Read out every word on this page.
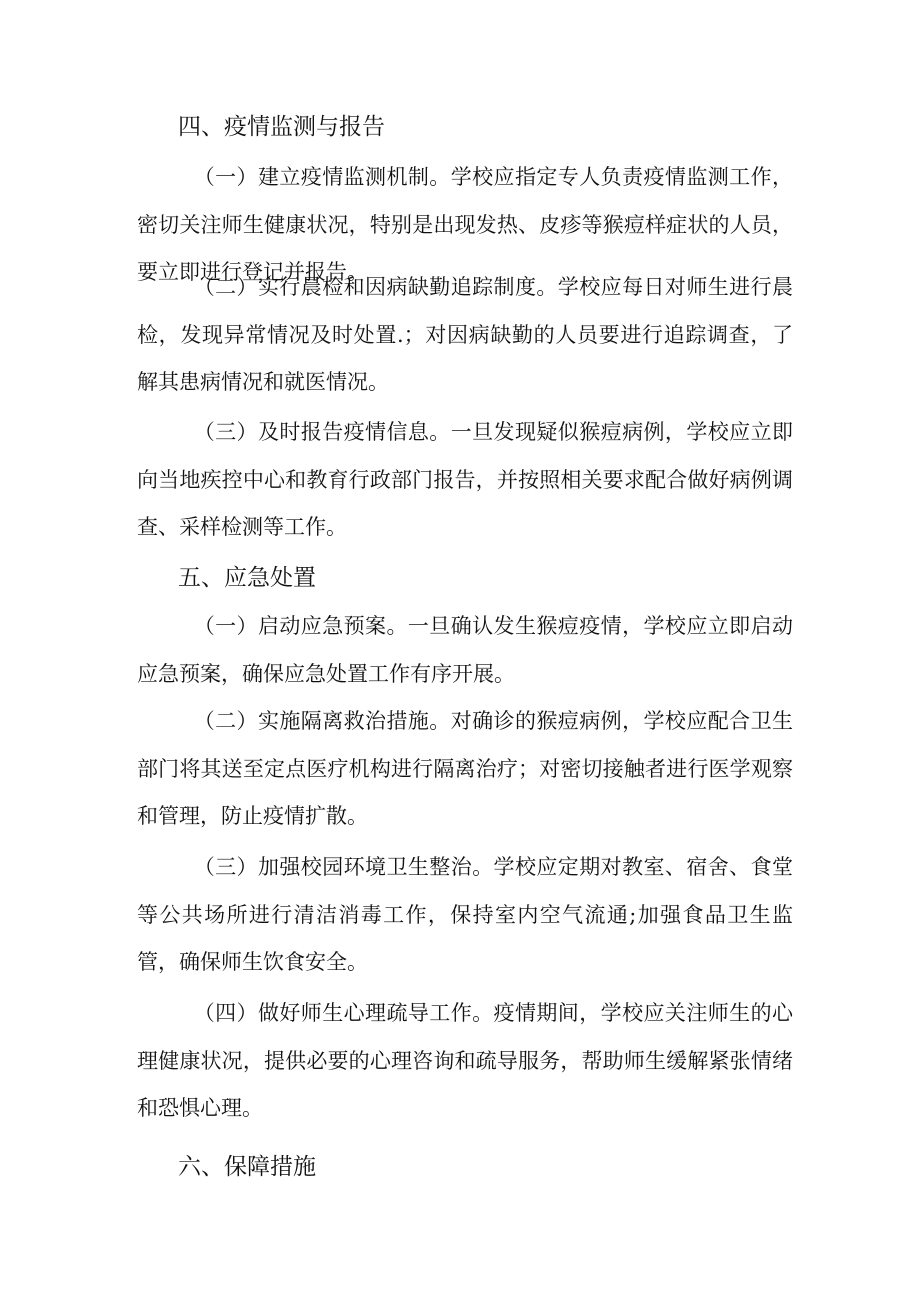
四、疫情监测与报告
（一）建立疫情监测机制。学校应指定专人负责疫情监测工作，密切关注师生健康状况，特别是出现发热、皮疹等猴痘样症状的人员，要立即进行登记并报告。
（二）实行晨检和因病缺勤追踪制度。学校应每日对师生进行晨检，发现异常情况及时处置.；对因病缺勤的人员要进行追踪调查，了解其患病情况和就医情况。
（三）及时报告疫情信息。一旦发现疑似猴痘病例，学校应立即向当地疾控中心和教育行政部门报告，并按照相关要求配合做好病例调查、采样检测等工作。
五、应急处置
（一）启动应急预案。一旦确认发生猴痘疫情，学校应立即启动应急预案，确保应急处置工作有序开展。
（二）实施隔离救治措施。对确诊的猴痘病例，学校应配合卫生部门将其送至定点医疗机构进行隔离治疗；对密切接触者进行医学观察和管理，防止疫情扩散。
（三）加强校园环境卫生整治。学校应定期对教室、宿舍、食堂等公共场所进行清洁消毒工作，保持室内空气流通;加强食品卫生监管，确保师生饮食安全。
（四）做好师生心理疏导工作。疫情期间，学校应关注师生的心理健康状况，提供必要的心理咨询和疏导服务，帮助师生缓解紧张情绪和恐惧心理。
六、保障措施
